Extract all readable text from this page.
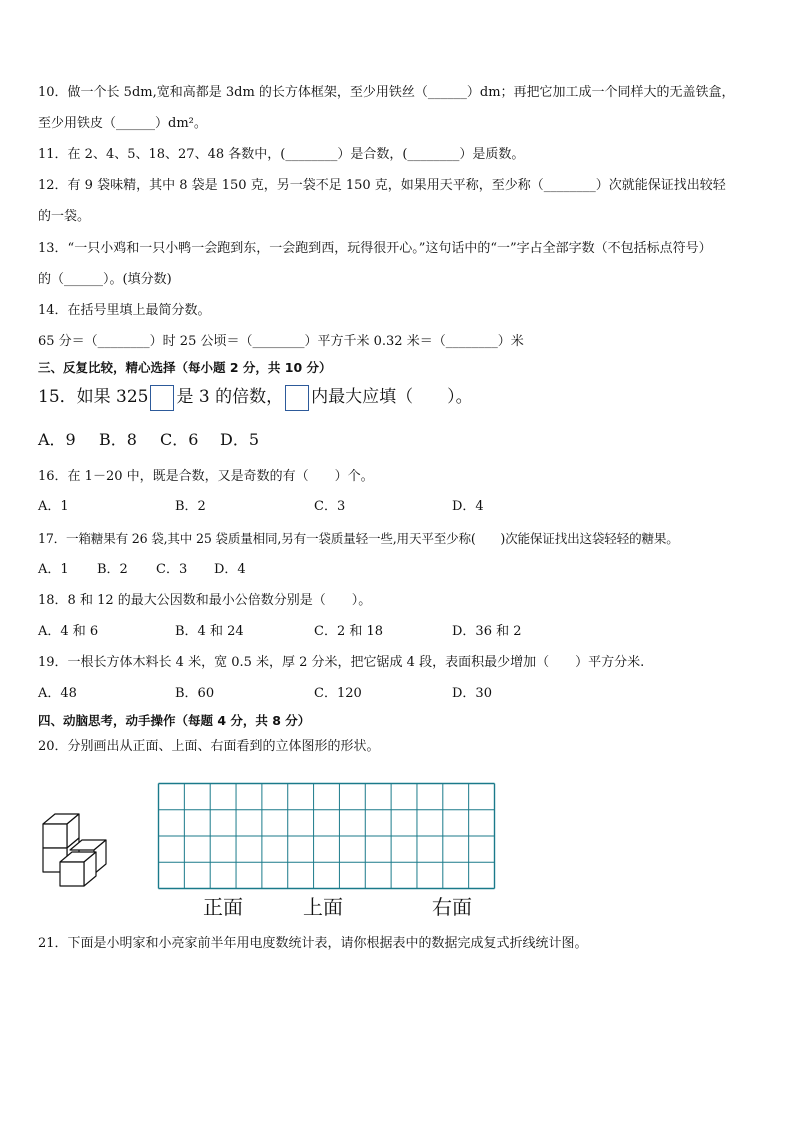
10．做一个长 5dm,宽和高都是 3dm 的长方体框架，至少用铁丝（______）dm；再把它加工成一个同样大的无盖铁盒，
至少用铁皮（______）dm²。
11．在 2、4、5、18、27、48 各数中，(________）是合数，(________）是质数。
12．有 9 袋味精，其中 8 袋是 150 克，另一袋不足 150 克，如果用天平称，至少称（________）次就能保证找出较轻
的一袋。
13．“一只小鸡和一只小鸭一会跑到东，一会跑到西，玩得很开心。”这句话中的“一”字占全部字数（不包括标点符号）
的（______）。(填分数)
14．在括号里填上最简分数。
65 分＝（________）时 25 公顷＝（________）平方千米 0.32 米＝（________）米
三、反复比较，精心选择（每小题 2 分，共 10 分）
15．如果 325 是 3 的倍数， 内最大应填（　　）。
A．9 B．8 C．6 D．5
16．在 1－20 中，既是合数，又是奇数的有（　　）个。
A．1	B．2	C．3	D．4
17．一箱糖果有 26 袋,其中 25 袋质量相同,另有一袋质量轻一些,用天平至少称(　　)次能保证找出这袋轻轻的糖果。
A．1 B．2 C．3 D．4
18．8 和 12 的最大公因数和最小公倍数分别是（　　）。
A．4 和 6	B．4 和 24	C．2 和 18	D．36 和 2
19．一根长方体木料长 4 米，宽 0.5 米，厚 2 分米，把它锯成 4 段，表面积最少增加（　　）平方分米.
A．48	B．60	C．120	D．30
四、动脑思考，动手操作（每题 4 分，共 8 分）
20．分别画出从正面、上面、右面看到的立体图形的形状。
正面	上面	右面
21．下面是小明家和小亮家前半年用电度数统计表，请你根据表中的数据完成复式折线统计图。
